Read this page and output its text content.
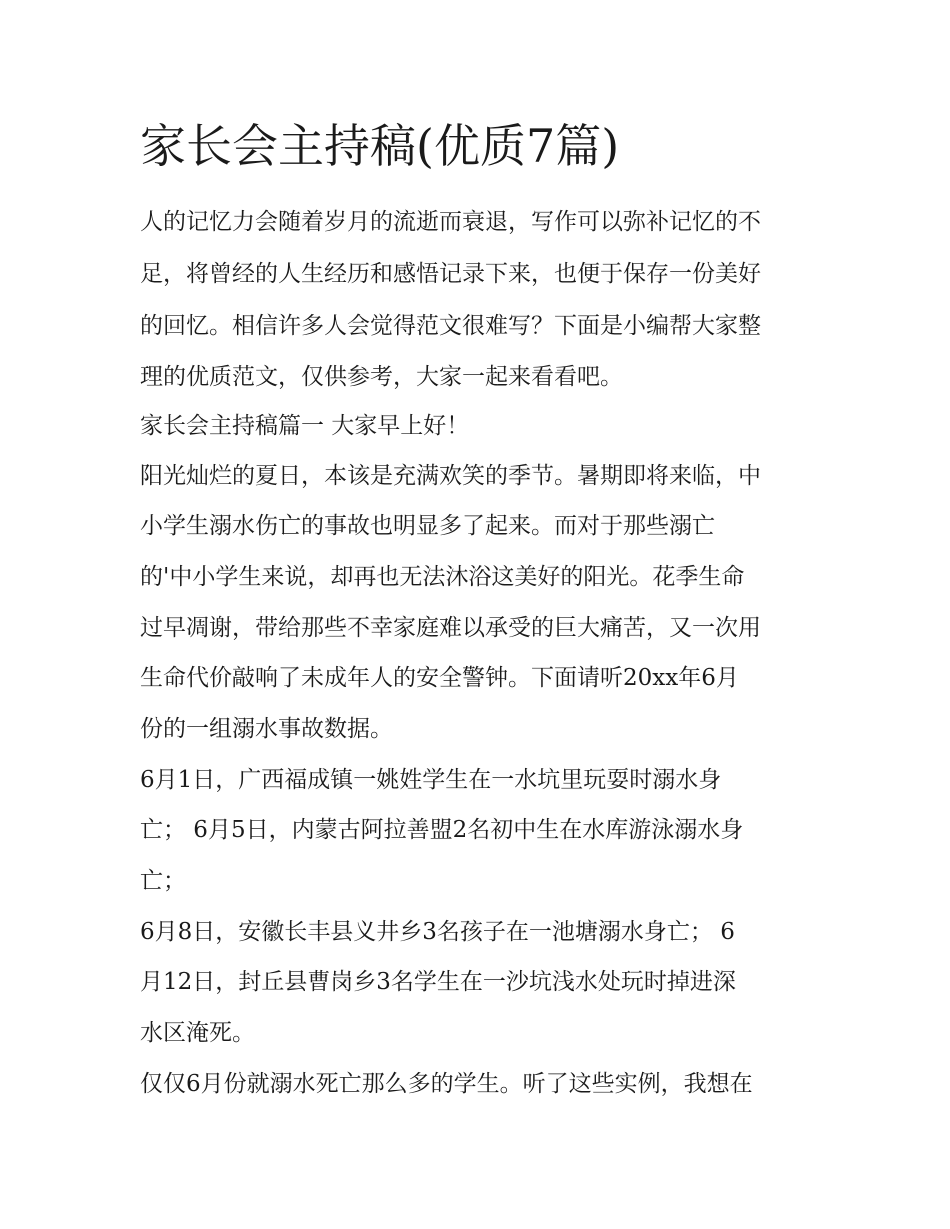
家长会主持稿(优质7篇)

人的记忆力会随着岁月的流逝而衰退，写作可以弥补记忆的不

足，将曾经的人生经历和感悟记录下来，也便于保存一份美好

的回忆。相信许多人会觉得范文很难写？下面是小编帮大家整

理的优质范文，仅供参考，大家一起来看看吧。

家长会主持稿篇一 大家早上好！

阳光灿烂的夏日，本该是充满欢笑的季节。暑期即将来临，中

小学生溺水伤亡的事故也明显多了起来。而对于那些溺亡

的'中小学生来说，却再也无法沐浴这美好的阳光。花季生命

过早凋谢，带给那些不幸家庭难以承受的巨大痛苦，又一次用

生命代价敲响了未成年人的安全警钟。下面请听20xx年6月

份的一组溺水事故数据。

6月1日，广西福成镇一姚姓学生在一水坑里玩耍时溺水身

亡； 6月5日，内蒙古阿拉善盟2名初中生在水库游泳溺水身

亡；

6月8日，安徽长丰县义井乡3名孩子在一池塘溺水身亡； 6

月12日，封丘县曹岗乡3名学生在一沙坑浅水处玩时掉进深

水区淹死。

仅仅6月份就溺水死亡那么多的学生。听了这些实例，我想在
